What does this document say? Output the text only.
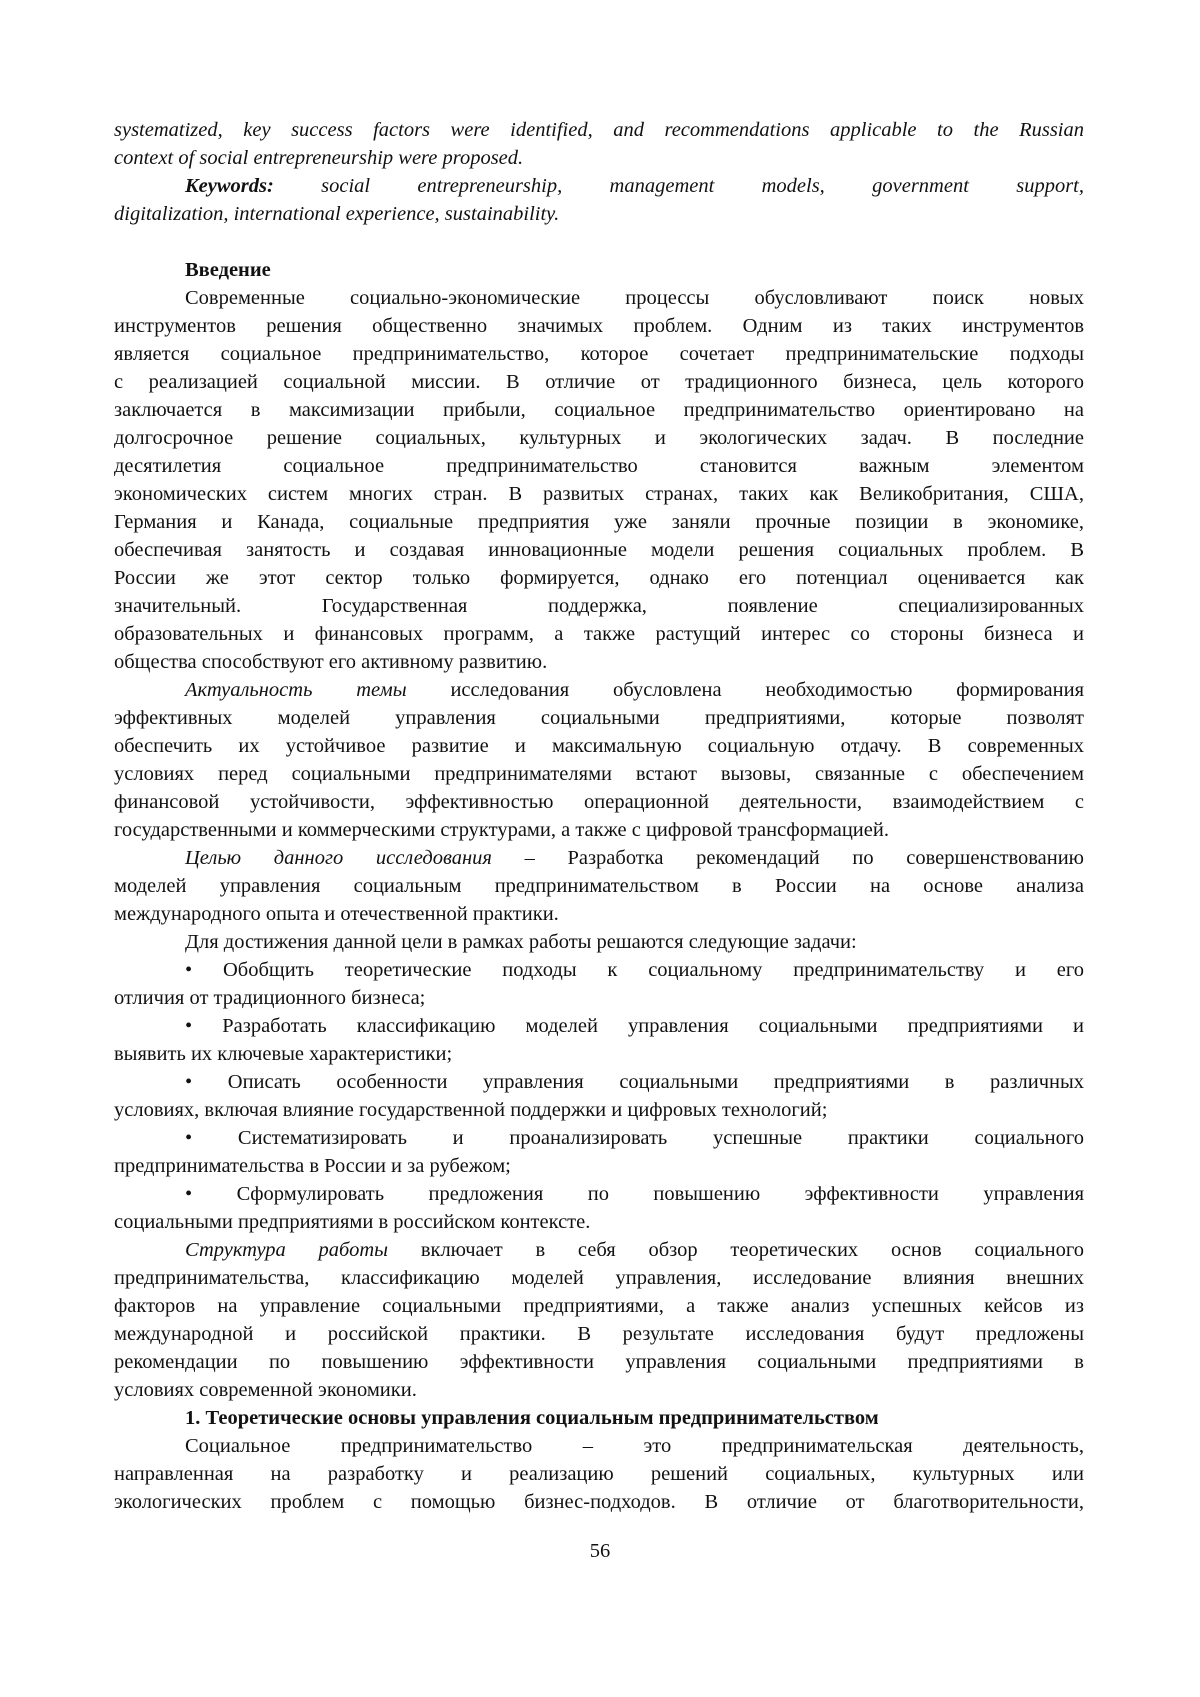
systematized, key success factors were identified, and recommendations applicable to the Russian
context of social entrepreneurship were proposed.
Keywords: social entrepreneurship, management models, government support,
digitalization, international experience, sustainability.
Введение
Современные социально-экономические процессы обусловливают поиск новых
инструментов решения общественно значимых проблем. Одним из таких инструментов
является социальное предпринимательство, которое сочетает предпринимательские подходы
с реализацией социальной миссии. В отличие от традиционного бизнеса, цель которого
заключается в максимизации прибыли, социальное предпринимательство ориентировано на
долгосрочное решение социальных, культурных и экологических задач. В последние
десятилетия социальное предпринимательство становится важным элементом
экономических систем многих стран. В развитых странах, таких как Великобритания, США,
Германия и Канада, социальные предприятия уже заняли прочные позиции в экономике,
обеспечивая занятость и создавая инновационные модели решения социальных проблем. В
России же этот сектор только формируется, однако его потенциал оценивается как
значительный. Государственная поддержка, появление специализированных
образовательных и финансовых программ, а также растущий интерес со стороны бизнеса и
общества способствуют его активному развитию.
Актуальность темы исследования обусловлена необходимостью формирования
эффективных моделей управления социальными предприятиями, которые позволят
обеспечить их устойчивое развитие и максимальную социальную отдачу. В современных
условиях перед социальными предпринимателями встают вызовы, связанные с обеспечением
финансовой устойчивости, эффективностью операционной деятельности, взаимодействием с
государственными и коммерческими структурами, а также с цифровой трансформацией.
Целью данного исследования – Разработка рекомендаций по совершенствованию
моделей управления социальным предпринимательством в России на основе анализа
международного опыта и отечественной практики.
Для достижения данной цели в рамках работы решаются следующие задачи:
• Обобщить теоретические подходы к социальному предпринимательству и его
отличия от традиционного бизнеса;
• Разработать классификацию моделей управления социальными предприятиями и
выявить их ключевые характеристики;
• Описать особенности управления социальными предприятиями в различных
условиях, включая влияние государственной поддержки и цифровых технологий;
• Систематизировать и проанализировать успешные практики социального
предпринимательства в России и за рубежом;
• Сформулировать предложения по повышению эффективности управления
социальными предприятиями в российском контексте.
Структура работы включает в себя обзор теоретических основ социального
предпринимательства, классификацию моделей управления, исследование влияния внешних
факторов на управление социальными предприятиями, а также анализ успешных кейсов из
международной и российской практики. В результате исследования будут предложены
рекомендации по повышению эффективности управления социальными предприятиями в
условиях современной экономики.
1. Теоретические основы управления социальным предпринимательством
Социальное предпринимательство – это предпринимательская деятельность,
направленная на разработку и реализацию решений социальных, культурных или
экологических проблем с помощью бизнес-подходов. В отличие от благотворительности,
56
